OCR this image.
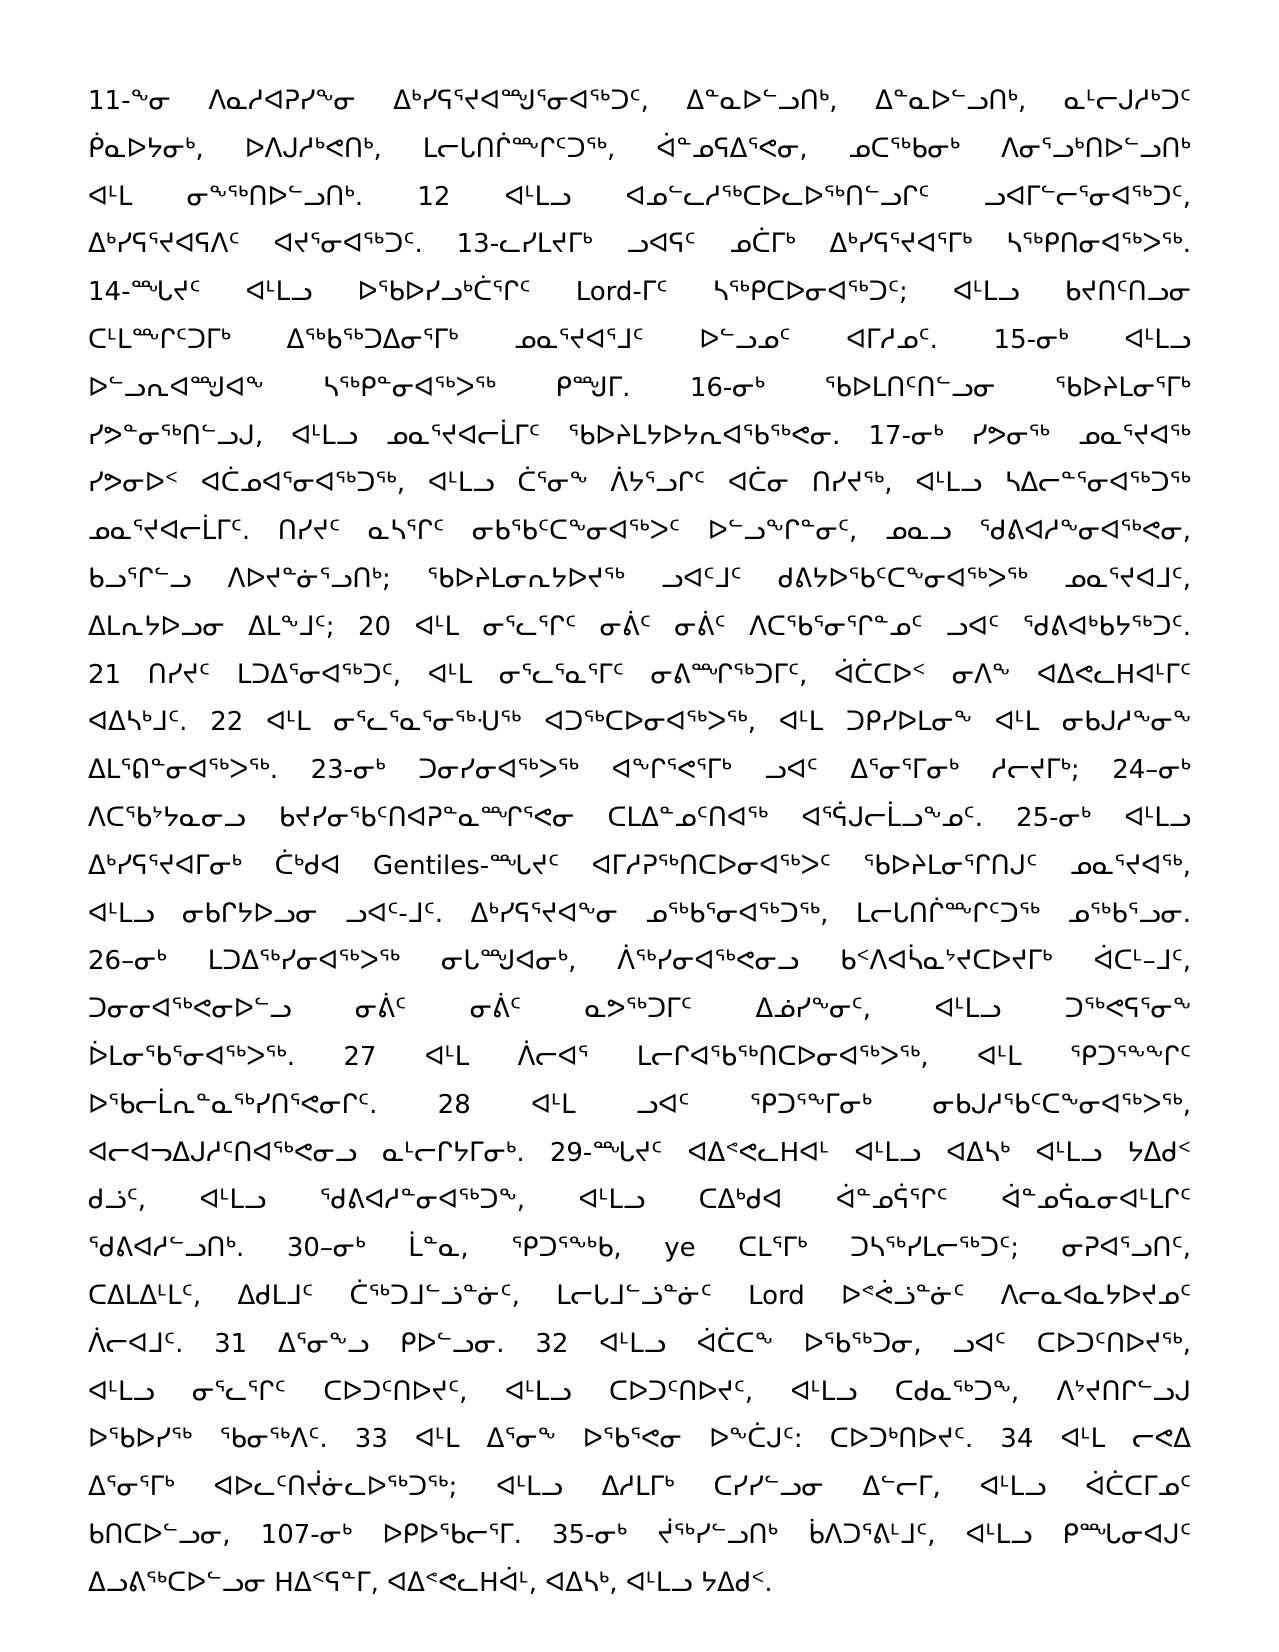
11-ᖕᓂ ᐱᓇᓱᐊᕈᓯᖕᓂ ᐃᒃᓯᕋᕐᔪᐊᙳᕐᓂᐊᖅᑐᑦ, ᐃᓐᓇᐅᓪᓗᑎᒃ, ᐃᓐᓇᐅᓪᓗᑎᒃ, ᓇᒻᓕᒍᓱᒃᑐᑦ
ᑮᓇᐅᔭᓂᒃ, ᐅᐱᒍᓱᒃᕙᑎᒃ, ᒪᓕᒐᑎᒌᖖᒋᑦᑐᖅ, ᐋᓐᓄᕋᐃᕐᕙᓂ, ᓄᑕᖅᑲᓂᒃ ᐱᓂᕐᓗᒃᑎᐅᓪᓗᑎᒃ
ᐊᒻᒪ ᓂᖕᖅᑎᐅᓪᓗᑎᒃ. 12 ᐊᒻᒪᓗ ᐊᓄᓪᓚᓱᖅᑕᐅᓚᐅᖅᑎᓪᓗᒋᑦ ᓗᐊᒥᓪᓕᕐᓂᐊᖅᑐᑦ,
ᐃᒃᓯᕋᕐᔪᐊᕋᐱᑦ ᐊᔪᕐᓂᐊᖅᑐᑦ. 13-ᓚᓯᒪᔪᒥᒃ ᓗᐊᕋᑦ ᓄᑖᒥᒃ ᐃᒃᓯᕋᕐᔪᐊᕐᒥᒃ ᓴᖅᑭᑎᓂᐊᖅᐳᖅ.
14-ᙵᔪᑦ ᐊᒻᒪᓗ ᐅᖃᐅᓯᓗᒃᑖᕐᒋᑦ Lord-ᒥᑦ ᓴᖅᑭᑕᐅᓂᐊᖅᑐᑦ; ᐊᒻᒪᓗ ᑲᔪᑎᑦᑎᓗᓂ
ᑕᒻᒪᖖᒋᑦᑐᒥᒃ ᐃᖅᑲᖅᑐᐃᓂᕐᒥᒃ ᓄᓇᕐᔪᐊᕐᒧᑦ ᐅᓪᓗᓄᑦ ᐊᒥᓱᓄᑦ. 15-ᓂᒃ ᐊᒻᒪᓗ
ᐅᓪᓗᕆᐊᙳᐊᖕ ᓴᖅᑭᓐᓂᐊᖅᐳᖅ ᑭᙳᒥ. 16-ᓂᒃ ᖃᐅᒪᑎᑦᑎᓪᓗᓂ ᖃᐅᔨᒪᓂᕐᒥᒃ
ᓯᕗᓐᓂᖅᑎᓪᓗᒍ, ᐊᒻᒪᓗ ᓄᓇᕐᔪᐊᓕᒫᒥᑦ ᖃᐅᔨᒪᔭᐅᔭᕆᐊᖃᖅᕙᓂ. 17-ᓂᒃ ᓯᕗᓂᖅ ᓄᓇᕐᔪᐊᖅ
ᓯᕗᓂᐅᑉ ᐊᑖᓄᐊᕐᓂᐊᖅᑐᖅ, ᐊᒻᒪᓗ ᑖᕐᓂᖕ ᐲᔭᕐᓗᒋᑦ ᐊᑖᓂ ᑎᓯᔪᖅ, ᐊᒻᒪᓗ ᓴᐃᓕᓐᕐᓂᐊᖅᑐᖅ
ᓄᓇᕐᔪᐊᓕᒫᒥᑦ. ᑎᓯᔪᑦ ᓇᓴᕐᒋᑦ ᓂᑲᖃᑦᑕᖕᓂᐊᖅᐳᑦ ᐅᓪᓗᖕᒋᓐᓂᑦ, ᓄᓇᓗ ᖁᕕᐊᓱᖕᓂᐊᖅᕙᓂ,
ᑲᓗᕐᒋᓪᓗ ᐱᐅᔪᓐᓃᕐᓗᑎᒃ; ᖃᐅᔨᒪᓂᕆᔭᐅᔪᖅ ᓗᐊᑦᒧᑦ ᑯᕕᔭᐅᖃᑦᑕᖕᓂᐊᖅᐳᖅ ᓄᓇᕐᔪᐊᒧᑦ,
ᐃᒪᕆᔭᐅᓗᓂ ᐃᒪᖕᒧᑦ; 20 ᐊᒻᒪ ᓂᕐᓚᕐᒋᑦ ᓂᕖᑦ ᓂᕖᑦ ᐱᑕᖃᕐᓂᕐᒋᓐᓄᑦ ᓗᐊᑦ ᖁᕕᐊᒃᑲᔭᖅᑐᑦ.
21 ᑎᓯᔪᑦ ᒪᑐᐃᕐᓂᐊᖅᑐᑦ, ᐊᒻᒪ ᓂᕐᓚᕐᓇᕐᒥᑦ ᓂᕕᙱᖅᑐᒥᑦ, ᐋᑖᑕᐅᑉ ᓂᐱᖕ ᐊᐃᕙᓚHᐊᒻᒥᑦ
ᐊᐃᓴᒃᒧᑦ. 22 ᐊᒻᒪ ᓂᕐᓚᕐᓇᕐᓂᖅᑗᖅ ᐊᑐᖅᑕᐅᓂᐊᖅᐳᖅ, ᐊᒻᒪ ᑐᑭᓯᐅᒪᓂᖕ ᐊᒻᒪ ᓂᑲᒍᓱᖕᓂᖕ
ᐃᒪᕐᕠᓐᓂᐊᖅᐳᖅ. 23-ᓂᒃ ᑐᓂᓯᓂᐊᖅᐳᖅ ᐊᖕᒋᕐᕙᕐᒥᒃ ᓗᐊᑦ ᐃᕐᓂᕐᒥᓂᒃ ᓱᓕᔪᒥᒃ; 24–ᓂᒃ
ᐱᑕᖃᔾᔭᓇᓂᓗ ᑲᔪᓯᓂᖃᑦᑎᐊᕈᓐᓇᙱᕐᕙᓂ ᑕᒪᐃᓐᓄᑦᑎᐊᖅ ᐊᕐᕌᒍᓕᒫᓗᖕᓄᑦ. 25-ᓂᒃ ᐊᒻᒪᓗ
ᐃᒃᓯᕋᕐᔪᐊᒥᓂᒃ ᑖᒃᑯᐊ Gentiles-ᙵᔪᑦ ᐊᒥᓱᕈᖅᑎᑕᐅᓂᐊᖅᐳᑦ ᖃᐅᔨᒪᓂᕐᒋᑎᒍᑦ ᓄᓇᕐᔪᐊᖅ,
ᐊᒻᒪᓗ ᓂᑲᒋᔭᐅᓗᓂ ᓗᐊᑦ-ᒧᑦ. ᐃᒃᓯᕋᕐᔪᐊᖕᓂ ᓄᖅᑲᕐᓂᐊᖅᑐᖅ, ᒪᓕᒐᑎᒌᖖᒋᑦᑐᖅ ᓄᖅᑲᕐᓗᓂ.
26–ᓂᒃ ᒪᑐᐃᖅᓯᓂᐊᖅᐳᖅ ᓂᒐᙳᐊᓂᒃ, ᐲᖅᓯᓂᐊᖅᕙᓂᓗ ᑲᑉᐱᐊᓵᓇᔾᔪᑕᐅᔪᒥᒃ ᐋᑕᒻ–ᒧᑦ,
ᑐᓂᓂᐊᖅᕙᓂᐅᓪᓗ ᓂᕖᑦ ᓂᕖᑦ ᓇᕗᖅᑐᒥᑦ ᐃᓅᓯᖕᓂᑦ, ᐊᒻᒪᓗ ᑐᖅᕙᕋᕐᓂᖕ
ᐆᒪᓂᖃᕐᓂᐊᖅᐳᖅ. 27 ᐊᒻᒪ ᐲᓕᐊᕐ ᒪᓕᒋᐊᖃᖅᑎᑕᐅᓂᐊᖅᐳᖅ, ᐊᒻᒪ ᕿᑐᕐᖕᖕᒋᑦ
ᐅᖃᓕᒫᕆᓐᓇᖅᓯᑎᕐᕙᓂᒋᑦ. 28 ᐊᒻᒪ ᓗᐊᑦ ᕿᑐᕐᖕᒥᓂᒃ ᓂᑲᒍᓱᖃᑦᑕᖕᓂᐊᖅᐳᖅ,
ᐊᓕᐊᓓᐃᒍᓱᑦᑎᐊᖅᕙᓂᓗ ᓇᒻᓕᒋᔭᒥᓂᒃ. 29-ᙵᔪᑦ ᐊᐃᕝᕙᓚHᐊᒻ ᐊᒻᒪᓗ ᐊᐃᓴᒃ ᐊᒻᒪᓗ ᔭᐃᑯᑉ
ᑯᓘᑦ, ᐊᒻᒪᓗ ᖁᕕᐊᓱᓐᓂᐊᖅᑐᖕ, ᐊᒻᒪᓗ ᑕᐃᒃᑯᐊ ᐋᓐᓄᕌᕐᒋᑦ ᐋᓐᓄᕌᓇᓂᐊᒻᒪᒋᑦ
ᖁᕕᐊᓱᓪᓗᑎᒃ. 30–ᓂᒃ ᒫᓐᓇ, ᕿᑐᕐᖕᒃᑲ, ye ᑕᒪᕐᒥᒃ ᑐᓴᖅᓯᒪᓕᖅᑐᑦ; ᓂᕈᐊᕐᓗᑎᑦ,
ᑕᐃᒪᐃᒻᒪᑦ, ᐃᑯᒪᒧᑦ ᑖᖅᑐᒧᓪᓘᓐᓃᑦ, ᒪᓕᒐᒧᓪᓘᓐᓃᑦ Lord ᐅᕝᕚᓘᓐᓃᑦ ᐱᓕᓇᐊᓇᔭᐅᔪᓄᑦ
ᐲᓕᐊᒧᑦ. 31 ᐃᕐᓂᖕᓗ ᑭᐅᓪᓗᓂ. 32 ᐊᒻᒪᓗ ᐋᑖᑕᖕ ᐅᖃᖅᑐᓂ, ᓗᐊᑦ ᑕᐅᑐᑦᑎᐅᔪᖅ,
ᐊᒻᒪᓗ ᓂᕐᓚᕐᒋᑦ ᑕᐅᑐᑦᑎᐅᔪᑦ, ᐊᒻᒪᓗ ᑕᐅᑐᑦᑎᐅᔪᑦ, ᐊᒻᒪᓗ ᑕᑯᓇᖅᑐᖕ, ᐱᔾᔪᑎᒋᓪᓗᒍ
ᐅᖃᐅᓯᖅ ᖃᓂᖅᐱᑦ. 33 ᐊᒻᒪ ᐃᕐᓂᖕ ᐅᖃᕐᕙᓂ ᐅᖕᑖᒍᑦ: ᑕᐅᑐᒃᑎᐅᔪᑦ. 34 ᐊᒻᒪ ᓕᕙᐃ
ᐃᕐᓂᕐᒥᒃ ᐊᐅᓚᑦᑎᔫᓃᓚᐅᖅᑐᖅ; ᐊᒻᒪᓗ ᐃᓱᒪᒥᒃ ᑕᓯᓯᓪᓗᓂ ᐃᓪᓕᒥ, ᐊᒻᒪᓗ ᐋᑖᑕᒥᓄᑦ
ᑲᑎᑕᐅᓪᓗᓂ, 107-ᓂᒃ ᐅᑭᐅᖃᓕᕐᒥ. 35-ᓂᒃ ᔫᖅᓯᓪᓗᑎᒃ ᑳᐱᑐᕐᕕᒻᒧᑦ, ᐊᒻᒪᓗ ᑭᙵᓂᐊᒍᑦ
ᐃᓗᕕᖅᑕᐅᓪᓗᓂ Hᐃᑉᕋᓐᒥ, ᐊᐃᕝᕙᓚHᐋᒻ, ᐊᐃᓴᒃ, ᐊᒻᒪᓗ ᔭᐃᑯᑉ.
